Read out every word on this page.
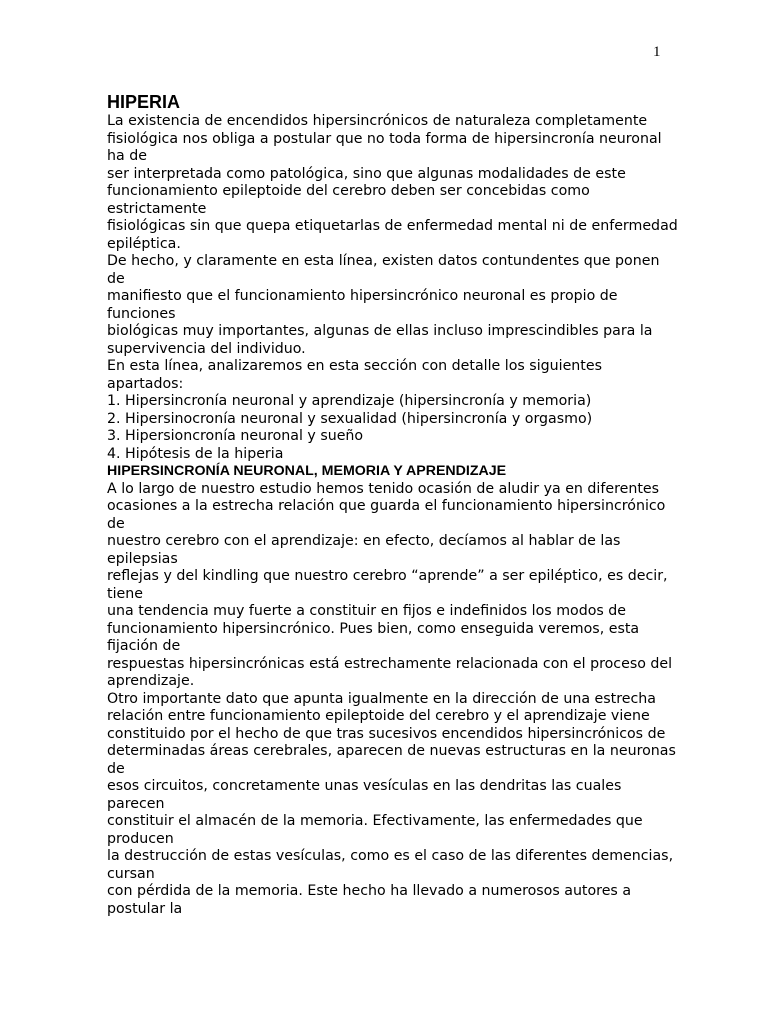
1
HIPERIA
La existencia de encendidos hipersincrónicos de naturaleza completamente
fisiológica nos obliga a postular que no toda forma de hipersincronía neuronal
ha de
ser interpretada como patológica, sino que algunas modalidades de este
funcionamiento epileptoide del cerebro deben ser concebidas como
estrictamente
fisiológicas sin que quepa etiquetarlas de enfermedad mental ni de enfermedad
epiléptica.
De hecho, y claramente en esta línea, existen datos contundentes que ponen
de
manifiesto que el funcionamiento hipersincrónico neuronal es propio de
funciones
biológicas muy importantes, algunas de ellas incluso imprescindibles para la
supervivencia del individuo.
En esta línea, analizaremos en esta sección con detalle los siguientes
apartados:
1. Hipersincronía neuronal y aprendizaje (hipersincronía y memoria)
2. Hipersinocronía neuronal y sexualidad (hipersincronía y orgasmo)
3. Hipersioncronía neuronal y sueño
4. Hipótesis de la hiperia
HIPERSINCRONÍA NEURONAL, MEMORIA Y APRENDIZAJE
A lo largo de nuestro estudio hemos tenido ocasión de aludir ya en diferentes
ocasiones a la estrecha relación que guarda el funcionamiento hipersincrónico
de
nuestro cerebro con el aprendizaje: en efecto, decíamos al hablar de las
epilepsias
reflejas y del kindling que nuestro cerebro “aprende” a ser epiléptico, es decir,
tiene
una tendencia muy fuerte a constituir en fijos e indefinidos los modos de
funcionamiento hipersincrónico. Pues bien, como enseguida veremos, esta
fijación de
respuestas hipersincrónicas está estrechamente relacionada con el proceso del
aprendizaje.
Otro importante dato que apunta igualmente en la dirección de una estrecha
relación entre funcionamiento epileptoide del cerebro y el aprendizaje viene
constituido por el hecho de que tras sucesivos encendidos hipersincrónicos de
determinadas áreas cerebrales, aparecen de nuevas estructuras en la neuronas
de
esos circuitos, concretamente unas vesículas en las dendritas las cuales
parecen
constituir el almacén de la memoria. Efectivamente, las enfermedades que
producen
la destrucción de estas vesículas, como es el caso de las diferentes demencias,
cursan
con pérdida de la memoria. Este hecho ha llevado a numerosos autores a
postular la
